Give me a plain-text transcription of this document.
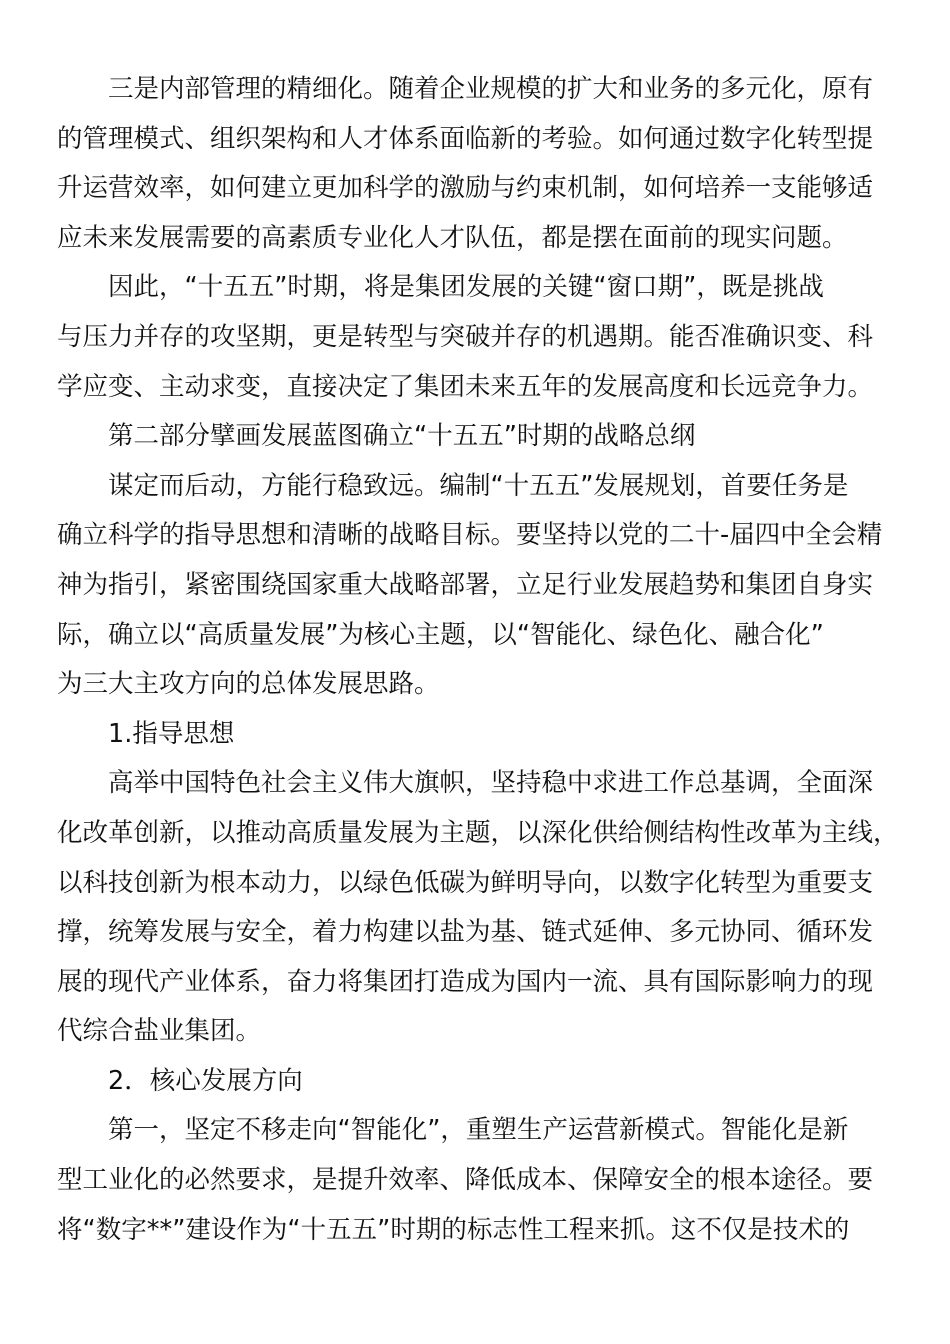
三是内部管理的精细化。随着企业规模的扩大和业务的多元化，原有
的管理模式、组织架构和人才体系面临新的考验。如何通过数字化转型提
升运营效率，如何建立更加科学的激励与约束机制，如何培养一支能够适
应未来发展需要的高素质专业化人才队伍，都是摆在面前的现实问题。
因此，“十五五”时期，将是集团发展的关键“窗口期”，既是挑战
与压力并存的攻坚期，更是转型与突破并存的机遇期。能否准确识变、科
学应变、主动求变，直接决定了集团未来五年的发展高度和长远竞争力。
第二部分擘画发展蓝图确立“十五五”时期的战略总纲
谋定而后动，方能行稳致远。编制“十五五”发展规划，首要任务是
确立科学的指导思想和清晰的战略目标。要坚持以党的二十-届四中全会精
神为指引，紧密围绕国家重大战略部署，立足行业发展趋势和集团自身实
际，确立以“高质量发展”为核心主题，以“智能化、绿色化、融合化”
为三大主攻方向的总体发展思路。
1.指导思想
高举中国特色社会主义伟大旗帜，坚持稳中求进工作总基调，全面深
化改革创新，以推动高质量发展为主题，以深化供给侧结构性改革为主线，
以科技创新为根本动力，以绿色低碳为鲜明导向，以数字化转型为重要支
撑，统筹发展与安全，着力构建以盐为基、链式延伸、多元协同、循环发
展的现代产业体系，奋力将集团打造成为国内一流、具有国际影响力的现
代综合盐业集团。
2．核心发展方向
第一，坚定不移走向“智能化”，重塑生产运营新模式。智能化是新
型工业化的必然要求，是提升效率、降低成本、保障安全的根本途径。要
将“数字**”建设作为“十五五”时期的标志性工程来抓。这不仅是技术的
